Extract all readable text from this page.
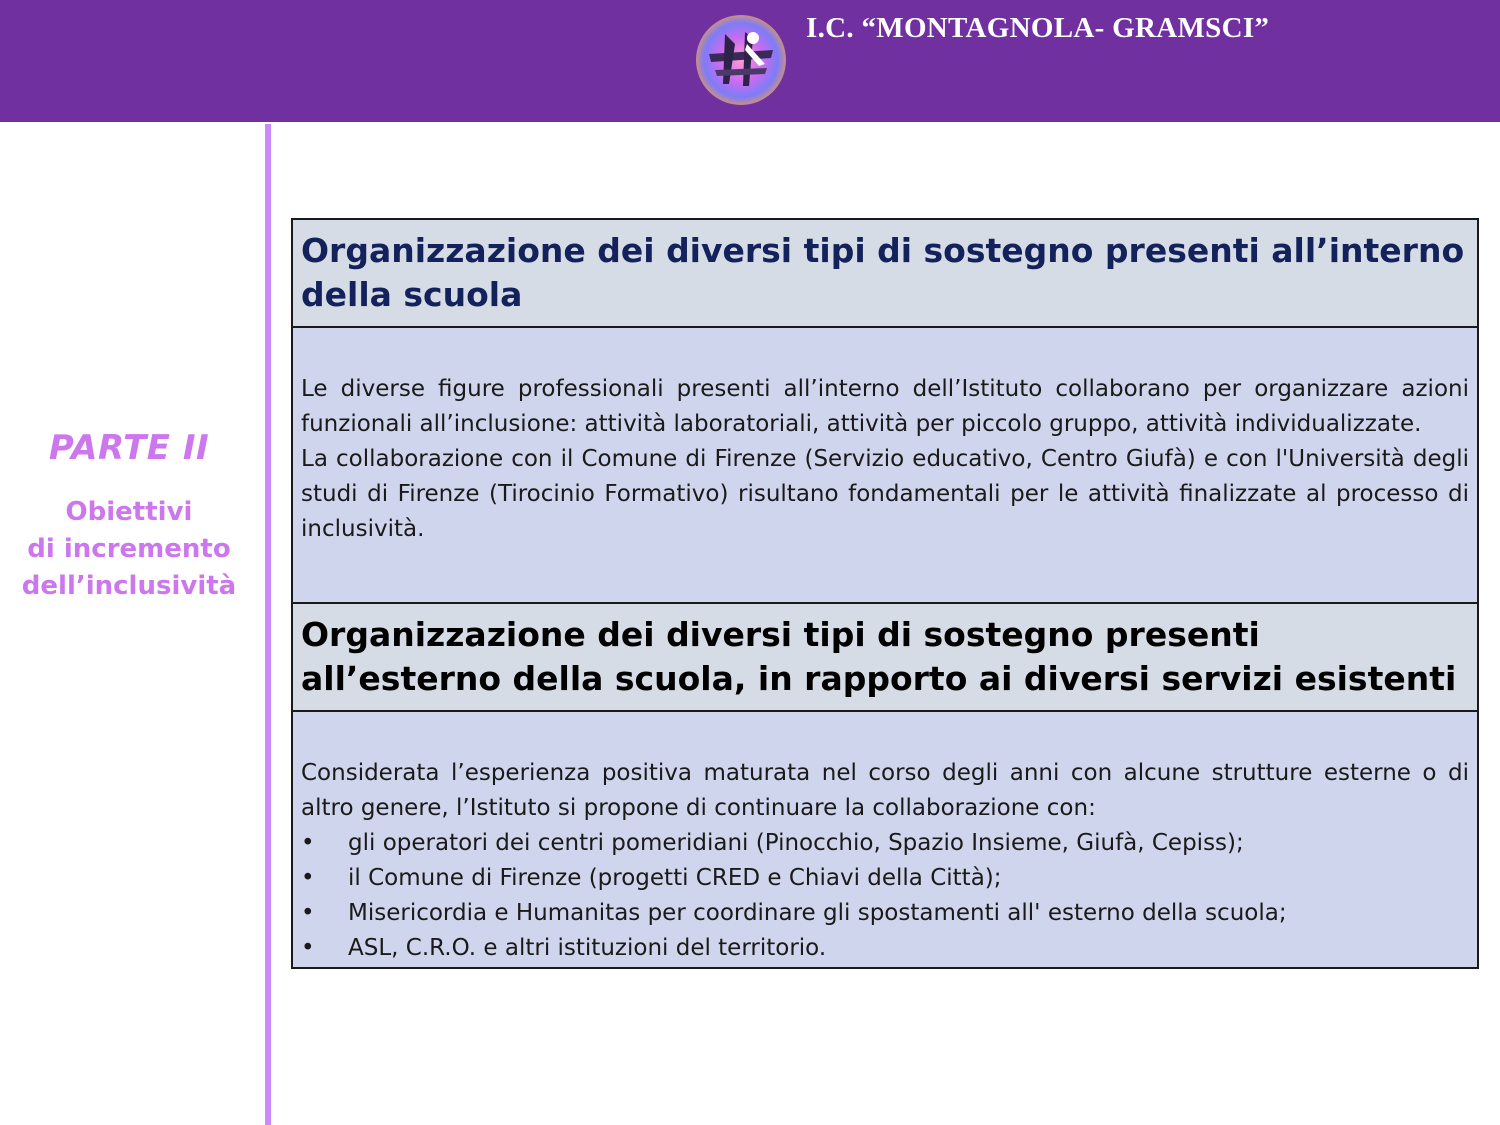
I.C. “MONTAGNOLA- GRAMSCI”
PARTE II
Obiettivi
di incremento
dell’inclusività
Organizzazione dei diversi tipi di sostegno presenti all’interno della scuola

Le diverse figure professionali presenti all’interno dell’Istituto collaborano per organizzare azioni funzionali all’inclusione: attività laboratoriali, attività per piccolo gruppo, attività individualizzate.

La collaborazione con il Comune di Firenze (Servizio educativo, Centro Giufà) e con l'Università degli studi di Firenze (Tirocinio Formativo) risultano fondamentali per le attività finalizzate al processo di inclusività.

Organizzazione dei diversi tipi di sostegno presenti all’esterno della scuola, in rapporto ai diversi servizi esistenti

Considerata l’esperienza positiva maturata nel corso degli anni con alcune strutture esterne o di altro genere, l’Istituto si propone di continuare la collaborazione con:

• gli operatori dei centri pomeridiani (Pinocchio, Spazio Insieme, Giufà, Cepiss);
• il Comune di Firenze (progetti CRED e Chiavi della Città);
• Misericordia e Humanitas per coordinare gli spostamenti all' esterno della scuola;
• ASL, C.R.O. e altri istituzioni del territorio.
